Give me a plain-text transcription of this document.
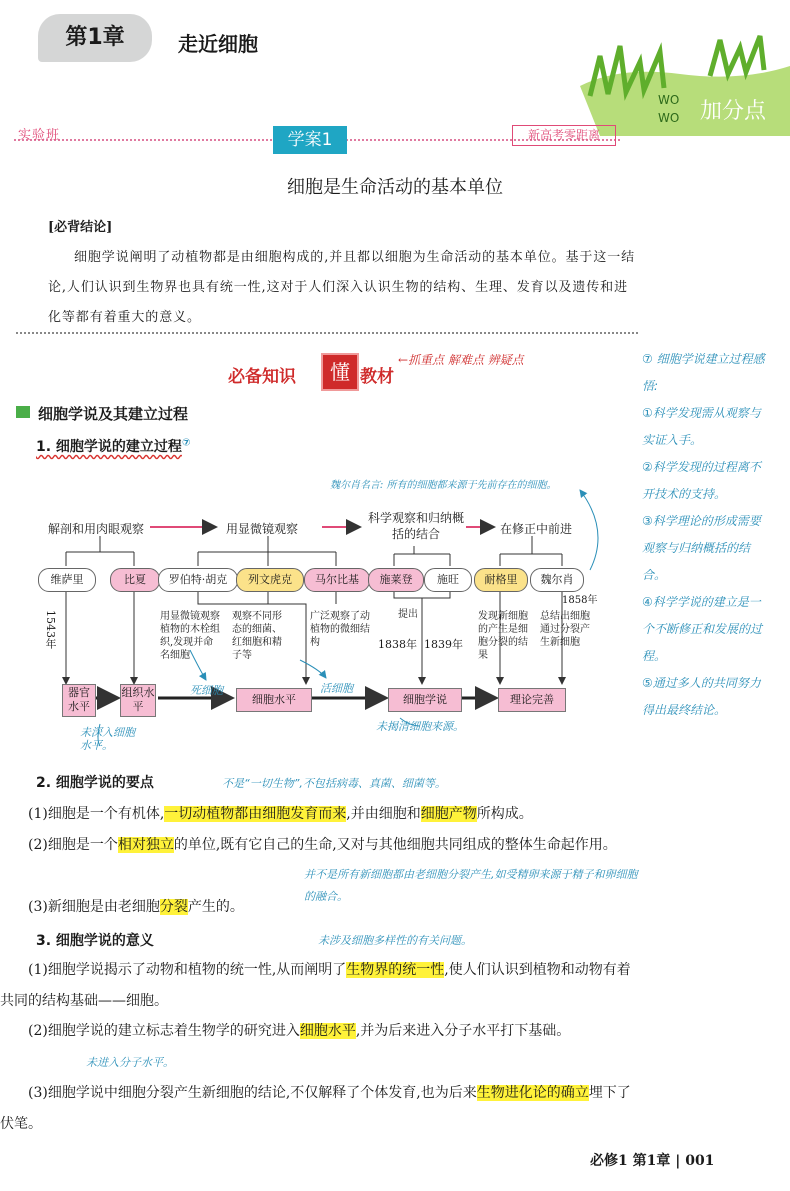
第1章	走近细胞
WO
WO 加分点
实验班	学案1	新高考零距离
细胞是生命活动的基本单位
[必背结论]
细胞学说阐明了动植物都是由细胞构成的,并且都以细胞为生命活动的基本单位。基于这一结论,人们认识到生物界也具有统一性,这对于人们深入认识生物的结构、生理、发育以及遗传和进化等都有着重大的意义。
必备知识	懂 教材
←抓重点 解难点 辨疑点
细胞学说及其建立过程
1. 细胞学说的建立过程⑦
魏尔肖名言: 所有的细胞都来源于先前存在的细胞。
解剖和用肉眼观察	用显微镜观察
科学观察和归纳概括的结合	在修正中前进
维萨里	比夏	罗伯特·胡克	列文虎克	马尔比基	施莱登	施旺	耐格里	魏尔肖
1543年
1858年
提出
1838年 1839年
用显微镜观察植物的木栓组织,发现并命名细胞
观察不同形态的细菌、红细胞和精子等
广泛观察了动植物的微细结构
发现新细胞的产生是细胞分裂的结果
总结出细胞通过分裂产生新细胞
死细胞	活细胞
器官水平
组织水平
细胞水平	细胞学说	理论完善
未深入细胞水平。
未揭清细胞来源。
2. 细胞学说的要点	不是“一切生物”,不包括病毒、真菌、细菌等。

(1)细胞是一个有机体,一切动植物都由细胞发育而来,并由细胞和细胞产物所构成。

(2)细胞是一个相对独立的单位,既有它自己的生命,又对与其他细胞共同组成的整体生命起作用。

并不是所有新细胞都由老细胞分裂产生,如受精卵来源于精子和卵细胞的融合。

(3)新细胞是由老细胞分裂产生的。

3. 细胞学说的意义	未涉及细胞多样性的有关问题。

(1)细胞学说揭示了动物和植物的统一性,从而阐明了生物界的统一性,使人们认识到植物和动物有着共同的结构基础——细胞。

(2)细胞学说的建立标志着生物学的研究进入细胞水平,并为后来进入分子水平打下基础。

未进入分子水平。

(3)细胞学说中细胞分裂产生新细胞的结论,不仅解释了个体发育,也为后来生物进化论的确立埋下了伏笔。

⑦ 细胞学说建立过程感悟:
①科学发现需从观察与实证入手。
②科学发现的过程离不开技术的支持。
③科学理论的形成需要观察与归纳概括的结合。
④科学学说的建立是一个不断修正和发展的过程。
⑤通过多人的共同努力得出最终结论。
必修1 第1章 | 001
